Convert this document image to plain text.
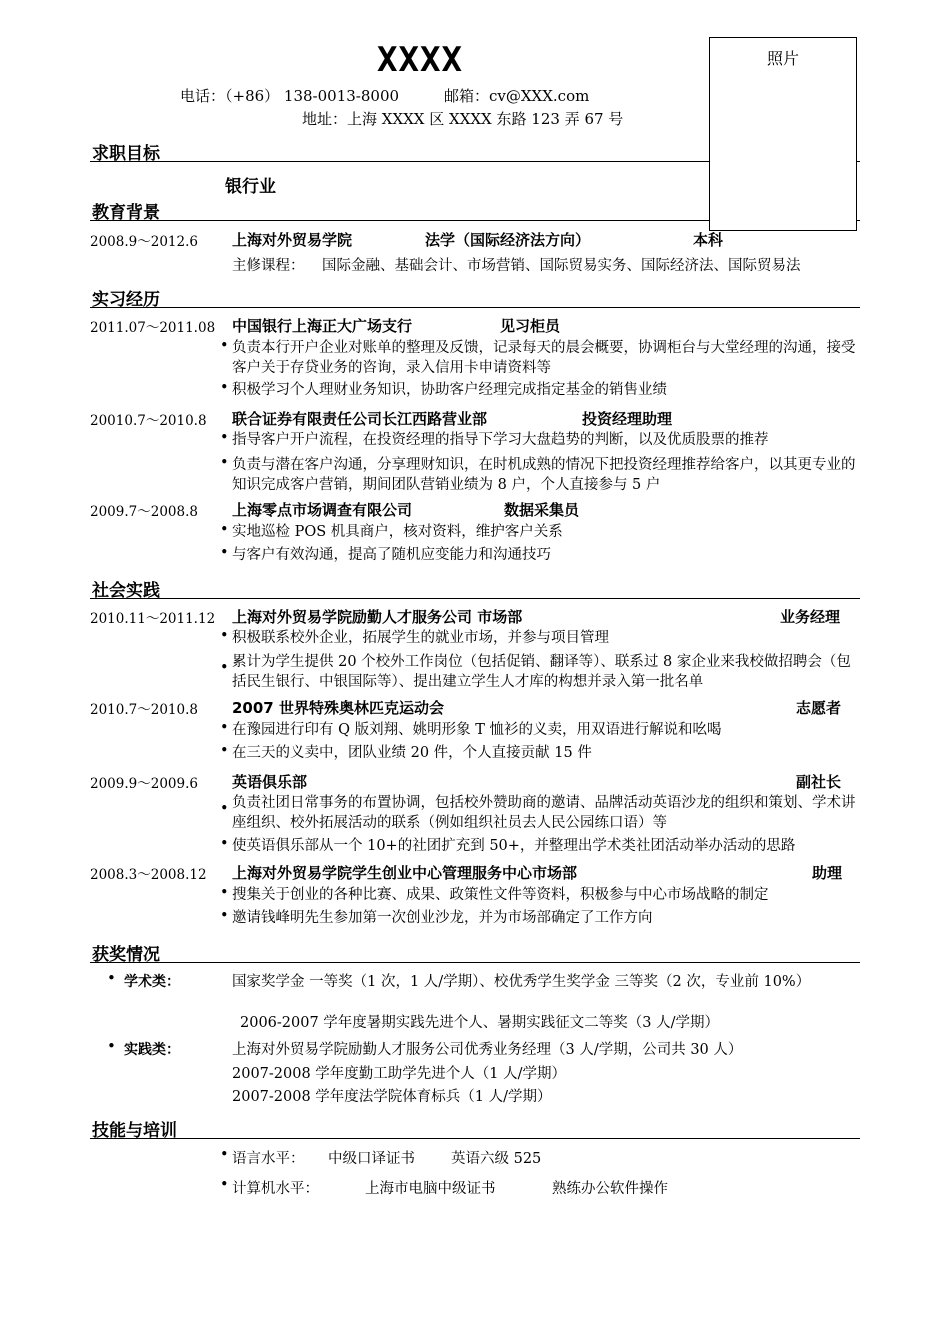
XXXX
电话：（+86） 138-0013-8000	邮箱：cv@XXX.com
地址：上海 XXXX 区 XXXX 东路 123 弄 67 号
求职目标
银行业
教育背景
2008.9～2012.6 上海对外贸易学院	法学（国际经济法方向）	本科
主修课程： 国际金融、基础会计、市场营销、国际贸易实务、国际经济法、国际贸易法
实习经历
2011.07～2011.08 中国银行上海正大广场支行	见习柜员
• 负责本行开户企业对账单的整理及反馈，记录每天的晨会概要，协调柜台与大堂经理的沟通，接受客户关于存贷业务的咨询，录入信用卡申请资料等
• 积极学习个人理财业务知识，协助客户经理完成指定基金的销售业绩
20010.7～2010.8 联合证券有限责任公司长江西路营业部	投资经理助理
• 指导客户开户流程，在投资经理的指导下学习大盘趋势的判断，以及优质股票的推荐
• 负责与潜在客户沟通，分享理财知识，在时机成熟的情况下把投资经理推荐给客户，以其更专业的知识完成客户营销，期间团队营销业绩为 8 户，个人直接参与 5 户
2009.7～2008.8 上海零点市场调查有限公司	数据采集员
• 实地巡检 POS 机具商户，核对资料，维护客户关系
• 与客户有效沟通，提高了随机应变能力和沟通技巧
社会实践
2010.11～2011.12 上海对外贸易学院励勤人才服务公司 市场部	业务经理
• 积极联系校外企业，拓展学生的就业市场，并参与项目管理
• 累计为学生提供 20 个校外工作岗位（包括促销、翻译等）、联系过 8 家企业来我校做招聘会（包括民生银行、中银国际等）、提出建立学生人才库的构想并录入第一批名单
2010.7～2010.8 2007 世界特殊奥林匹克运动会	志愿者
• 在豫园进行印有 Q 版刘翔、姚明形象 T 恤衫的义卖，用双语进行解说和吆喝
• 在三天的义卖中，团队业绩 20 件，个人直接贡献 15 件
2009.9～2009.6 英语俱乐部	副社长
• 负责社团日常事务的布置协调，包括校外赞助商的邀请、品牌活动英语沙龙的组织和策划、学术讲座组织、校外拓展活动的联系（例如组织社员去人民公园练口语）等
• 使英语俱乐部从一个 10+的社团扩充到 50+，并整理出学术类社团活动举办活动的思路
2008.3～2008.12 上海对外贸易学院学生创业中心管理服务中心市场部	助理
• 搜集关于创业的各种比赛、成果、政策性文件等资料，积极参与中心市场战略的制定
• 邀请钱峰明先生参加第一次创业沙龙，并为市场部确定了工作方向
获奖情况
• 学术类：	国家奖学金 一等奖（1 次，1 人/学期）、校优秀学生奖学金 三等奖（2 次，专业前 10%）
2006-2007 学年度暑期实践先进个人、暑期实践征文二等奖（3 人/学期）
• 实践类：	上海对外贸易学院励勤人才服务公司优秀业务经理（3 人/学期，公司共 30 人）
2007-2008 学年度勤工助学先进个人（1 人/学期）
2007-2008 学年度法学院体育标兵（1 人/学期）
技能与培训
• 语言水平： 中级口译证书 英语六级 525
• 计算机水平：	上海市电脑中级证书	熟练办公软件操作
照片
